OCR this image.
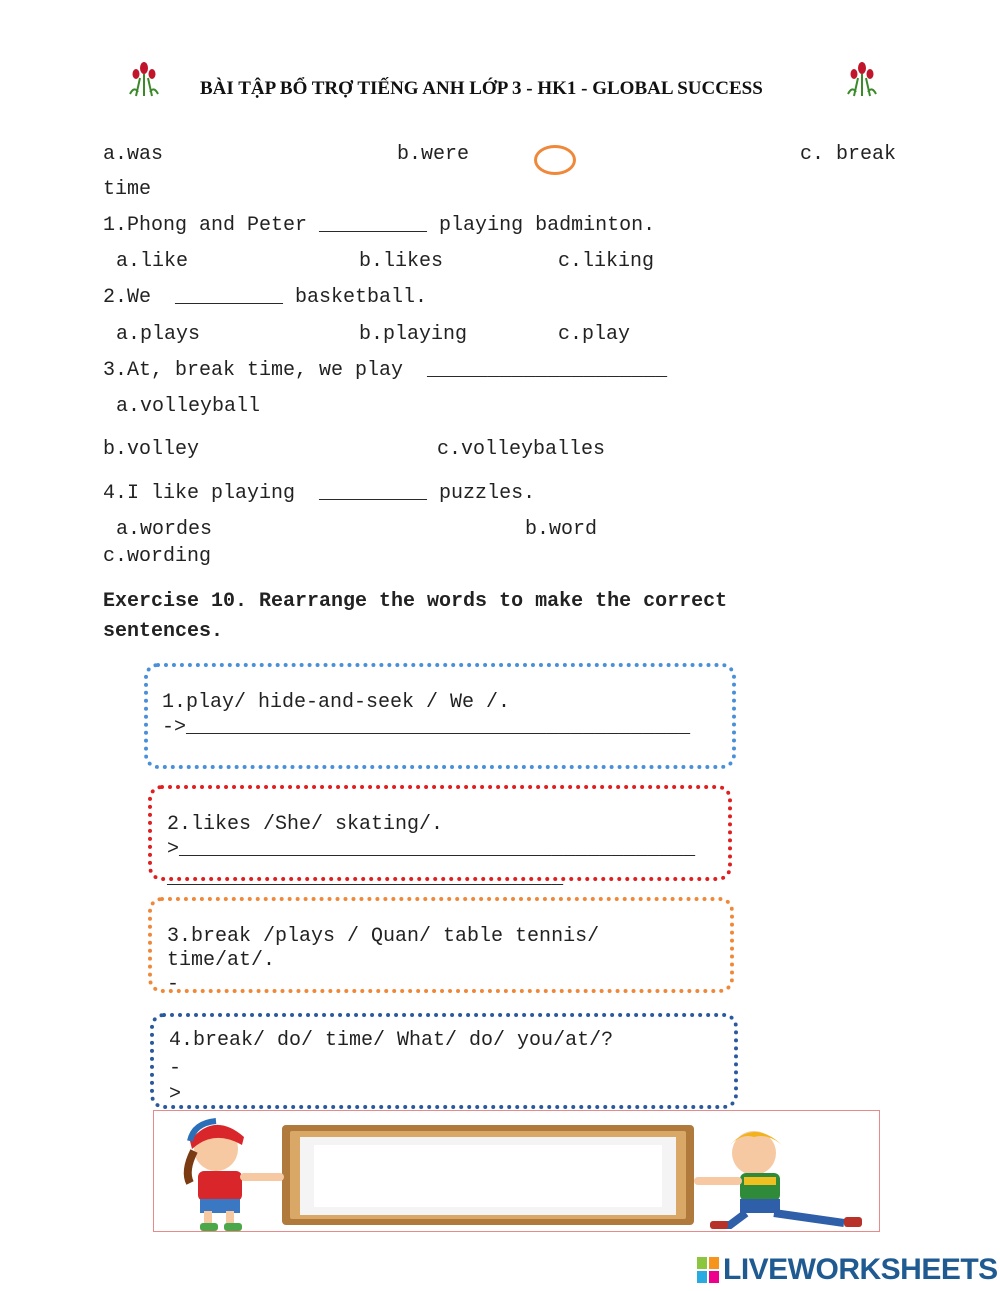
BÀI TẬP BỔ TRỢ TIẾNG ANH LỚP 3 - HK1 - GLOBAL SUCCESS
a.was	b.were	c. break
time
1.Phong and Peter _________ playing badminton.
a.like	b.likes	c.liking
2.We  _________ basketball.
a.plays	b.playing	c.play
3.At, break time, we play  ____________________
a.volleyball
b.volley	c.volleyballes
4.I like playing  _________ puzzles.
a.wordes	b.word
c.wording
Exercise 10. Rearrange the words to make the correct
sentences.
1.play/ hide-and-seek / We /.
->__________________________________________
2.likes /She/ skating/.
>___________________________________________
_________________________________
3.break /plays / Quan/ table tennis/
time/at/.
-
4.break/ do/ time/ What/ do/ you/at/?
-
>
LIVEWORKSHEETS
